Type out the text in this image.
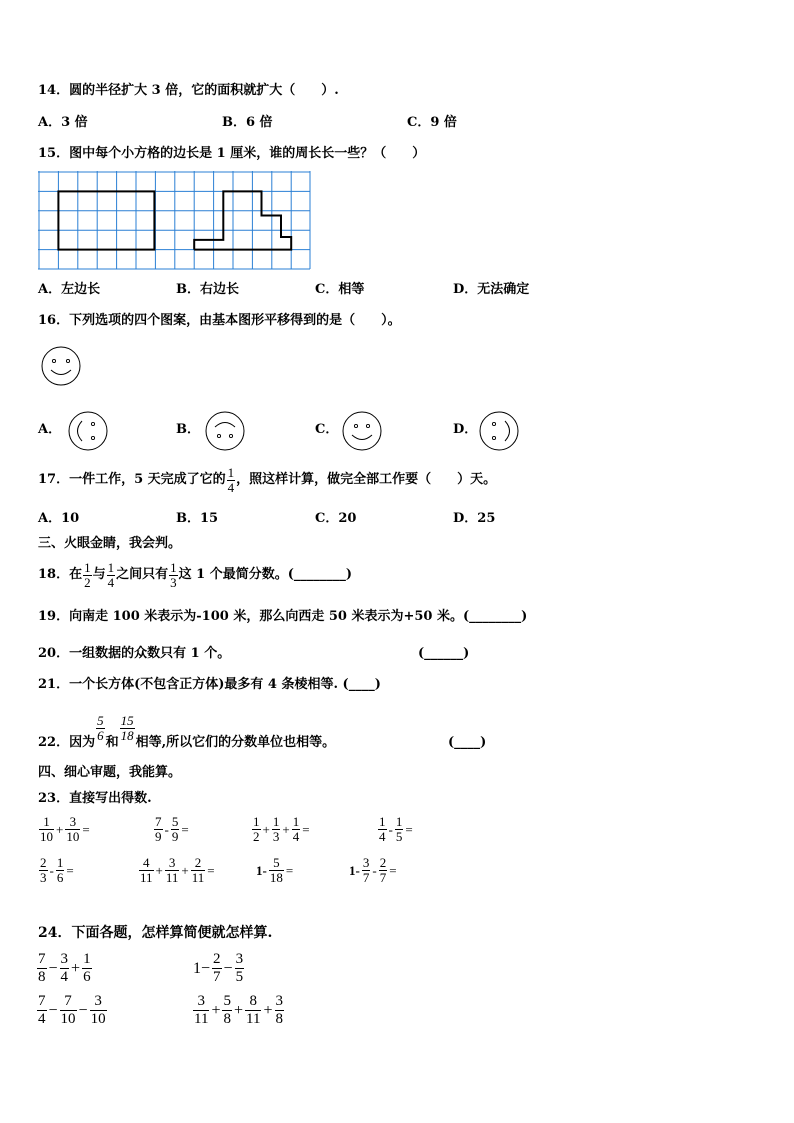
14．圆的半径扩大 3 倍，它的面积就扩大（　　）.
A．3 倍	B．6 倍	C．9 倍
15．图中每个小方格的边长是 1 厘米，谁的周长长一些？（　　）
A．左边长	B．右边长	C．相等	D．无法确定
16．下列选项的四个图案，由基本图形平移得到的是（　　）。
A．	B．	C．	D．
17．一件工作，5 天完成了它的 $\frac{1}{4}$ ，照这样计算，做完全部工作要（　　）天。
A．10	B．15	C．20	D．25
三、火眼金睛，我会判。
18．在 $\frac{1}{2}$ 与 $\frac{1}{4}$ 之间只有 $\frac{1}{3}$ 这 1 个最简分数。(________)
19．向南走 100 米表示为-100 米，那么向西走 50 米表示为+50 米。(________)
20．一组数据的众数只有 1 个。	(______)
21．一个长方体(不包含正方体)最多有 4 条棱相等. (____)
22．因为 $\frac{5}{6}$ 和 $\frac{15}{18}$ 相等,所以它们的分数单位也相等。	(____)
四、细心审题，我能算。
23．直接写出得数.
$\frac{1}{10} + \frac{3}{10}$ =	$\frac{7}{9} - \frac{5}{9}$ =	$\frac{1}{2} + \frac{1}{3} + \frac{1}{4}$ =	$\frac{1}{4} - \frac{1}{5}$ =
$\frac{2}{3} - \frac{1}{6}$ =	$\frac{4}{11} + \frac{3}{11} + \frac{2}{11}$ =	$1- \frac{5}{18}$ =	$1- \frac{3}{7} - \frac{2}{7}$ =
24．下面各题，怎样算简便就怎样算.
$\frac{7}{8} - \frac{3}{4} + \frac{1}{6}$	$1- \frac{2}{7} - \frac{3}{5}$
$\frac{7}{4} - \frac{7}{10} - \frac{3}{10}$	$\frac{3}{11} + \frac{5}{8} + \frac{8}{11} + \frac{3}{8}$
